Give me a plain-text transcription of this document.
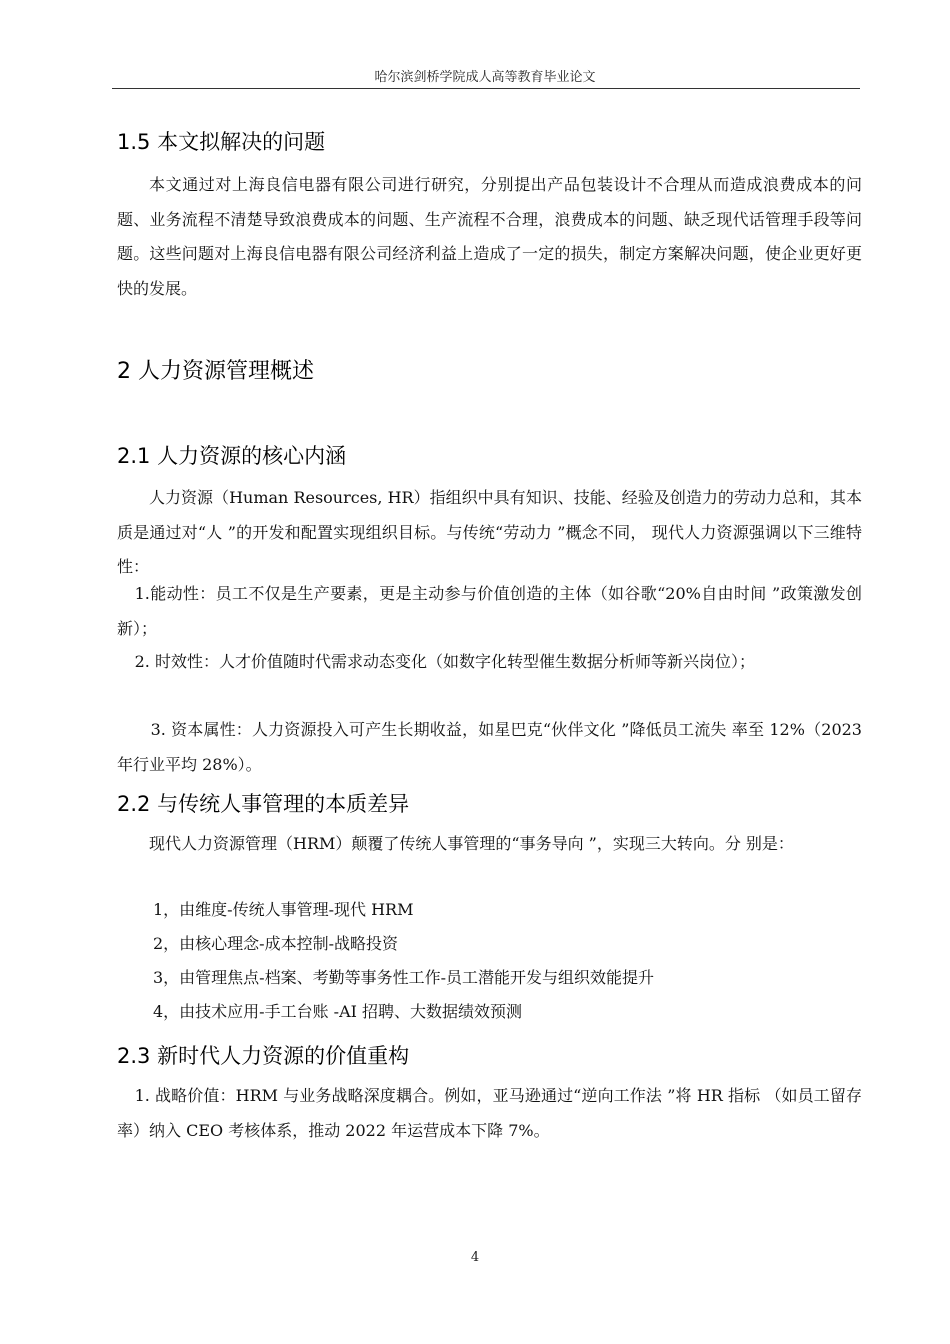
哈尔滨剑桥学院成人高等教育毕业论文
1.5 本文拟解决的问题

本文通过对上海良信电器有限公司进行研究，分别提出产品包装设计不合理从而造成浪费成本的问题、业务流程不清楚导致浪费成本的问题、生产流程不合理，浪费成本的问题、缺乏现代话管理手段等问题。这些问题对上海良信电器有限公司经济利益上造成了一定的损失，制定方案解决问题，使企业更好更快的发展。

2 人力资源管理概述
2.1 人力资源的核心内涵

人力资源（Human Resources, HR）指组织中具有知识、技能、经验及创造力的劳动力总和，其本质是通过对“人 ”的开发和配置实现组织目标。与传统“劳动力 ”概念不同， 现代人力资源强调以下三维特性：

1.能动性：员工不仅是生产要素，更是主动参与价值创造的主体（如谷歌“20%自由时间 ”政策激发创新）；

2. 时效性：人才价值随时代需求动态变化（如数字化转型催生数据分析师等新兴岗位）；

3. 资本属性：人力资源投入可产生长期收益，如星巴克“伙伴文化 ”降低员工流失 率至 12%（2023 年行业平均 28%）。

2.2 与传统人事管理的本质差异

现代人力资源管理（HRM）颠覆了传统人事管理的“事务导向 ”，实现三大转向。分 别是：

1，由维度-传统人事管理-现代 HRM

2，由核心理念-成本控制-战略投资

3，由管理焦点-档案、考勤等事务性工作-员工潜能开发与组织效能提升

4，由技术应用-手工台账 -AI 招聘、大数据绩效预测

2.3 新时代人力资源的价值重构

1. 战略价值：HRM 与业务战略深度耦合。例如，亚马逊通过“逆向工作法 ”将 HR 指标 （如员工留存率）纳入 CEO 考核体系，推动 2022 年运营成本下降 7%。

4
